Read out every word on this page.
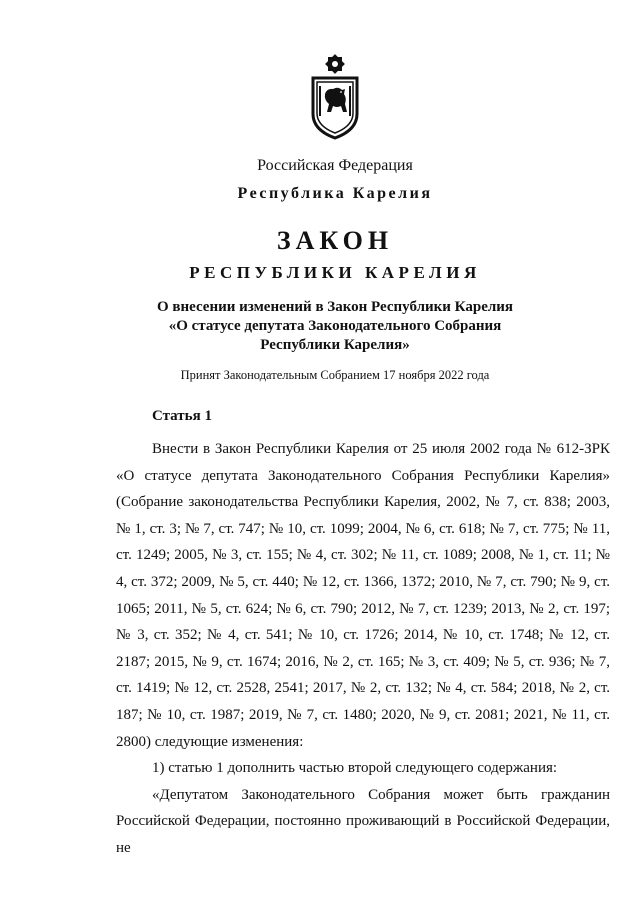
Российская Федерация
Республика Карелия
ЗАКОН
РЕСПУБЛИКИ КАРЕЛИЯ
О внесении изменений в Закон Республики Карелия
«О статусе депутата Законодательного Собрания
Республики Карелия»
Принят Законодательным Собранием 17 ноября 2022 года
Статья 1

Внести в Закон Республики Карелия от 25 июля 2002 года № 612-ЗРК «О статусе депутата Законодательного Собрания Республики Карелия» (Собрание законодательства Республики Карелия, 2002, № 7, ст. 838; 2003, № 1, ст. 3; № 7, ст. 747; № 10, ст. 1099; 2004, № 6, ст. 618; № 7, ст. 775; № 11, ст. 1249; 2005, № 3, ст. 155; № 4, ст. 302; № 11, ст. 1089; 2008, № 1, ст. 11; № 4, ст. 372; 2009, № 5, ст. 440; № 12, ст. 1366, 1372; 2010, № 7, ст. 790; № 9, ст. 1065; 2011, № 5, ст. 624; № 6, ст. 790; 2012, № 7, ст. 1239; 2013, № 2, ст. 197; № 3, ст. 352; № 4, ст. 541; № 10, ст. 1726; 2014, № 10, ст. 1748; № 12, ст. 2187; 2015, № 9, ст. 1674; 2016, № 2, ст. 165; № 3, ст. 409; № 5, ст. 936; № 7, ст. 1419; № 12, ст. 2528, 2541; 2017, № 2, ст. 132; № 4, ст. 584; 2018, № 2, ст. 187; № 10, ст. 1987; 2019, № 7, ст. 1480; 2020, № 9, ст. 2081; 2021, № 11, ст. 2800) следующие изменения:

1) статью 1 дополнить частью второй следующего содержания:

«Депутатом Законодательного Собрания может быть гражданин Российской Федерации, постоянно проживающий в Российской Федерации, не
